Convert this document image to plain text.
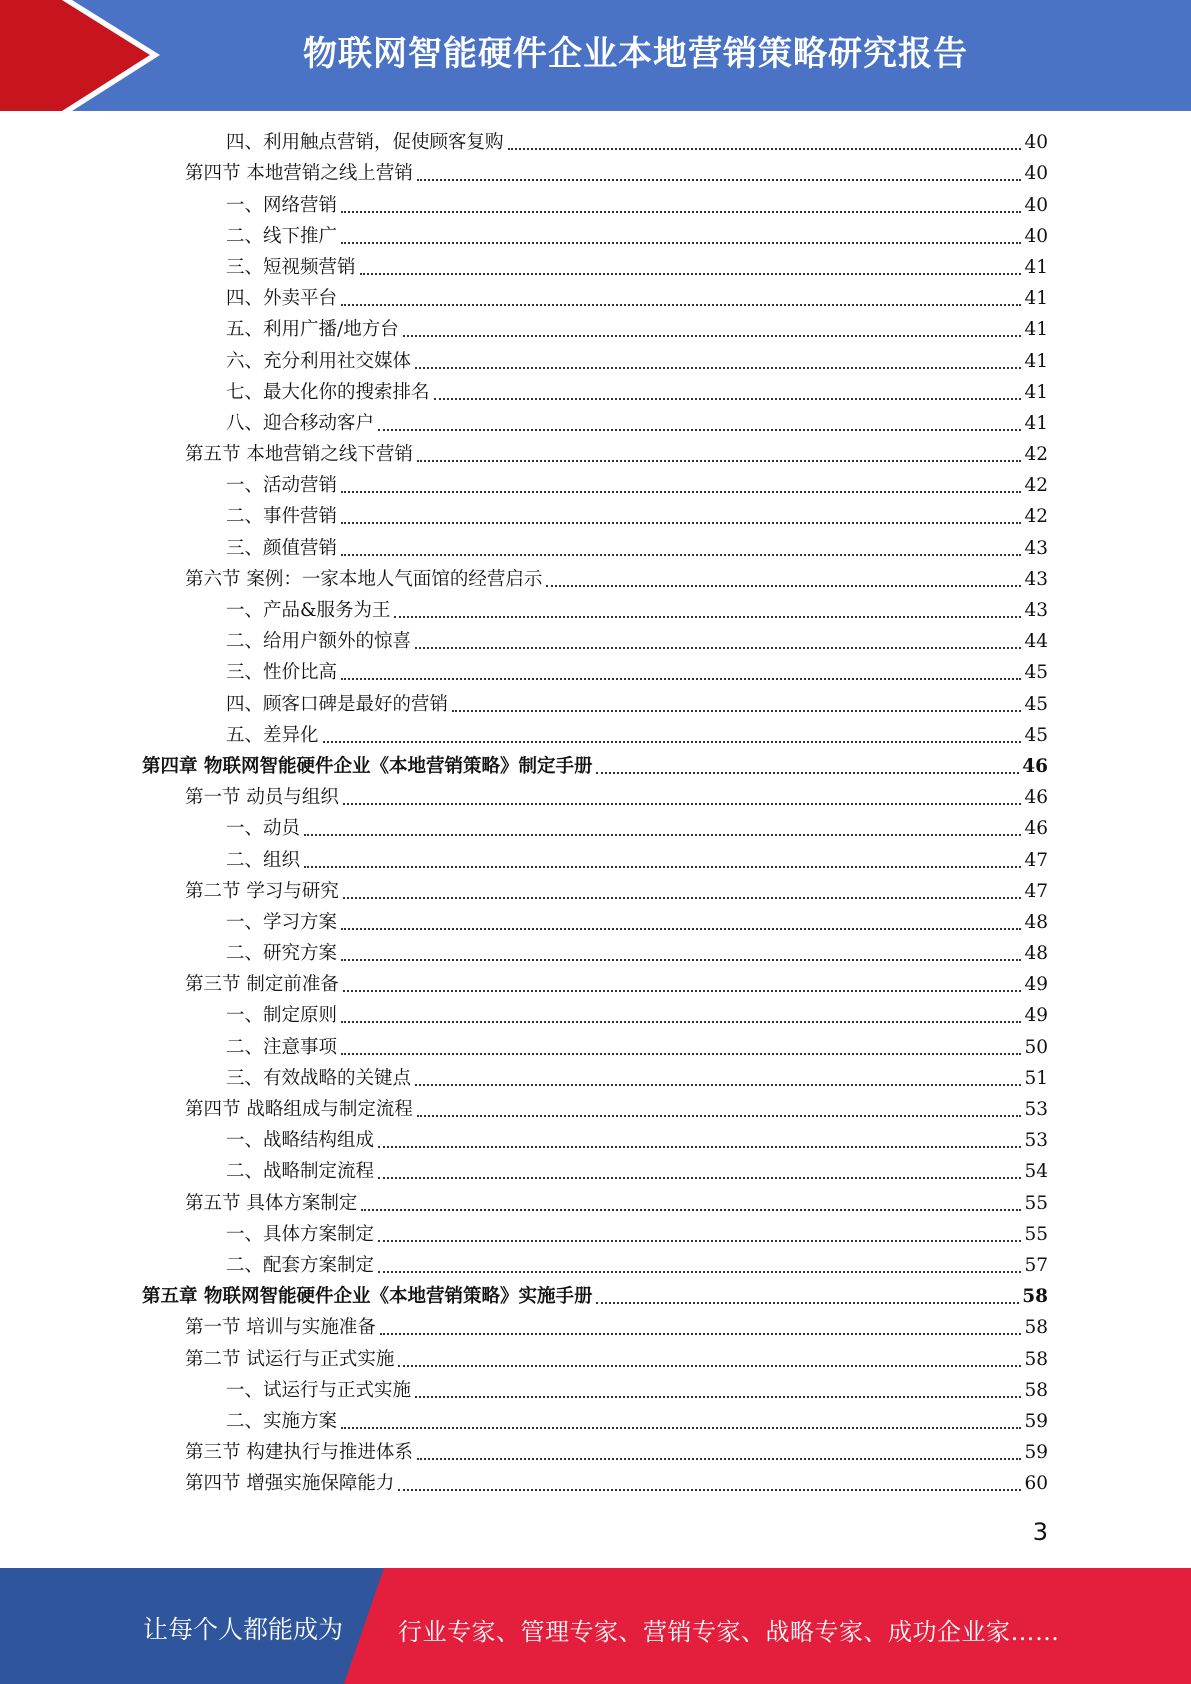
物联网智能硬件企业本地营销策略研究报告
四、利用触点营销，促使顾客复购	40
第四节 本地营销之线上营销	40
一、网络营销	40
二、线下推广	40
三、短视频营销	41
四、外卖平台	41
五、利用广播/地方台	41
六、充分利用社交媒体	41
七、最大化你的搜索排名	41
八、迎合移动客户	41
第五节 本地营销之线下营销	42
一、活动营销	42
二、事件营销	42
三、颜值营销	43
第六节 案例：一家本地人气面馆的经营启示	43
一、产品&服务为王	43
二、给用户额外的惊喜	44
三、性价比高	45
四、顾客口碑是最好的营销	45
五、差异化	45
第四章 物联网智能硬件企业《本地营销策略》制定手册	46
第一节 动员与组织	46
一、动员	46
二、组织	47
第二节 学习与研究	47
一、学习方案	48
二、研究方案	48
第三节 制定前准备	49
一、制定原则	49
二、注意事项	50
三、有效战略的关键点	51
第四节 战略组成与制定流程	53
一、战略结构组成	53
二、战略制定流程	54
第五节 具体方案制定	55
一、具体方案制定	55
二、配套方案制定	57
第五章 物联网智能硬件企业《本地营销策略》实施手册	58
第一节 培训与实施准备	58
第二节 试运行与正式实施	58
一、试运行与正式实施	58
二、实施方案	59
第三节 构建执行与推进体系	59
第四节 增强实施保障能力	60
3
让每个人都能成为 行业专家、管理专家、营销专家、战略专家、成功企业家……
